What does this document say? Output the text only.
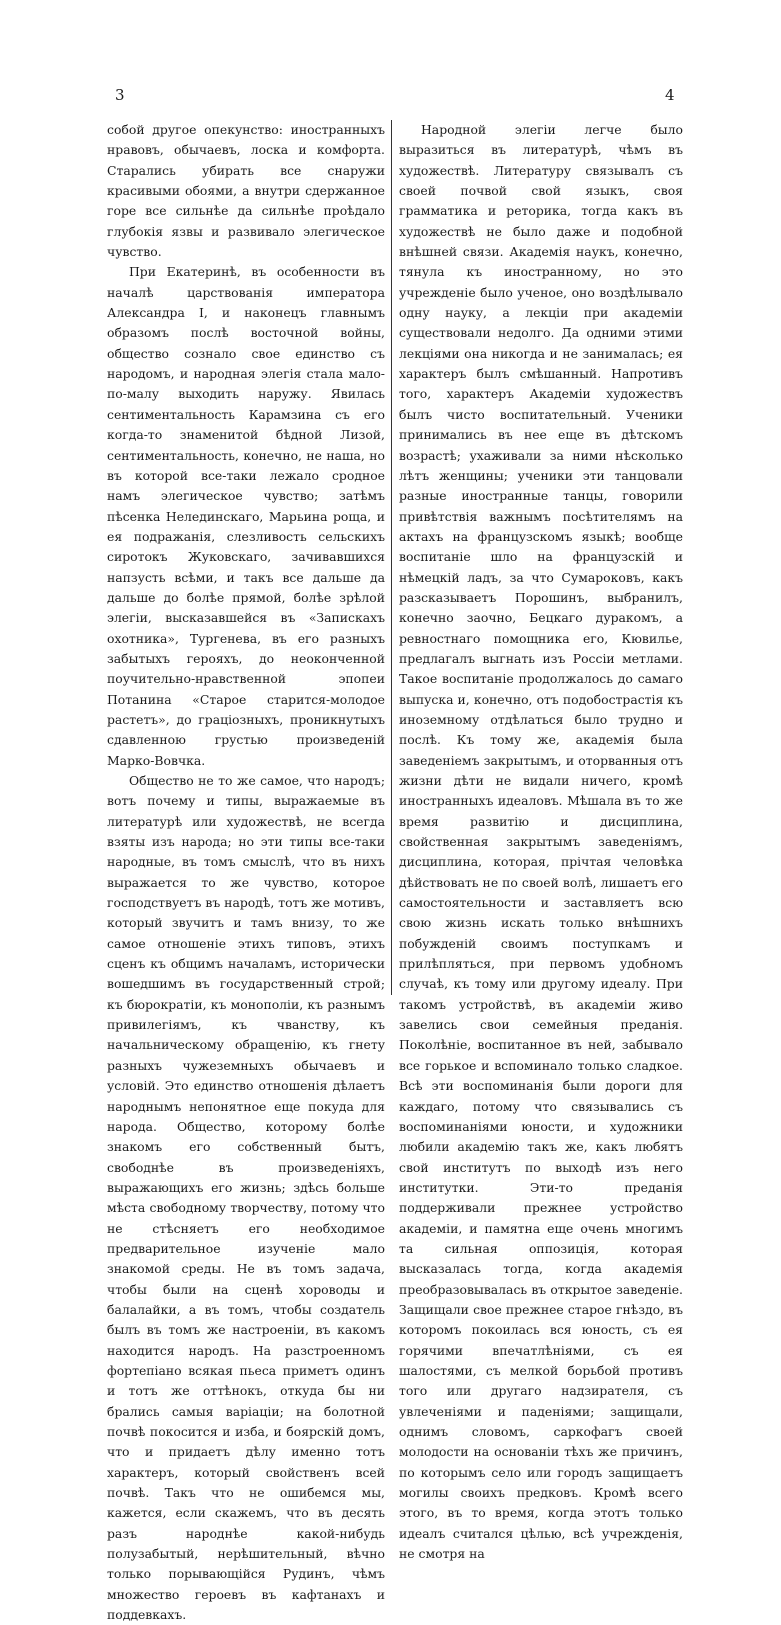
3	4

собой другое опекунство: иностранныхъ нравовъ, обычаевъ, лоска и комфорта. Старались убирать все снаружи красивыми обоями, а внутри сдержанное горе все сильнѣе да сильнѣе проѣдало глубокія язвы и развивало элегическое чувство.

При Екатеринѣ, въ особенности въ началѣ царствованія императора Александра I, и наконецъ главнымъ образомъ послѣ восточной войны, общество сознало свое единство съ народомъ, и народная элегія стала мало-по-малу выходить наружу. Явилась сентиментальность Карамзина съ его когда-то знаменитой бѣдной Лизой, сентиментальность, конечно, не наша, но въ которой все-таки лежало сродное намъ элегическое чувство; затѣмъ пѣсенка Нелединскаго, Марьина роща, и ея подражанія, слезливость сельскихъ сиротокъ Жуковскаго, зачивавшихся напзусть всѣми, и такъ все дальше да дальше до болѣе прямой, болѣе зрѣлой элегіи, высказавшейся въ «Запискахъ охотника», Тургенева, въ его разныхъ забытыхъ герояхъ, до неоконченной поучительно-нравственной эпопеи Потанина «Старое старится-молодое растетъ», до граціозныхъ, проникнутыхъ сдавленною грустью произведеній Марко-Вовчка.

Общество не то же самое, что народъ; вотъ почему и типы, выражаемые въ литературѣ или художествѣ, не всегда взяты изъ народа; но эти типы все-таки народные, въ томъ смыслѣ, что въ нихъ выражается то же чувство, которое господствуетъ въ народѣ, тотъ же мотивъ, который звучитъ и тамъ внизу, то же самое отношеніе этихъ типовъ, этихъ сценъ къ общимъ началамъ, исторически вошедшимъ въ государственный строй; къ бюрократіи, къ монополіи, къ разнымъ привилегіямъ, къ чванству, къ начальническому обращенію, къ гнету разныхъ чужеземныхъ обычаевъ и условій. Это единство отношенія дѣлаетъ народнымъ непонятное еще покуда для народа. Общество, которому болѣе знакомъ его собственный бытъ, свободнѣе въ произведеніяхъ, выражающихъ его жизнь; здѣсь больше мѣста свободному творчеству, потому что не стѣсняетъ его необходимое предварительное изученіе мало знакомой среды. Не въ томъ задача, чтобы были на сценѣ хороводы и балалайки, а въ томъ, чтобы создатель былъ въ томъ же настроеніи, въ какомъ находится народъ. На разстроенномъ фортепіано всякая пьеса приметъ одинъ и тотъ же оттѣнокъ, откуда бы ни брались самыя варіаціи; на болотной почвѣ покосится и изба, и боярскій домъ, что и придаетъ дѣлу именно тотъ характеръ, который свойственъ всей почвѣ. Такъ что не ошибемся мы, кажется, если скажемъ, что въ десять разъ народнѣе какой-нибудь полузабытый, нерѣшительный, вѣчно только порывающійся Рудинъ, чѣмъ множество героевъ въ кафтанахъ и поддевкахъ.

Народной элегіи легче было выразиться въ литературѣ, чѣмъ въ художествѣ. Литературу связывалъ съ своей почвой свой языкъ, своя грамматика и реторика, тогда какъ въ художествѣ не было даже и подобной внѣшней связи. Академія наукъ, конечно, тянула къ иностранному, но это учрежденіе было ученое, оно воздѣлывало одну науку, а лекціи при академіи существовали недолго. Да одними этими лекціями она никогда и не занималась; ея характеръ былъ смѣшанный. Напротивъ того, характеръ Академіи художествъ былъ чисто воспитательный. Ученики принимались въ нее еще въ дѣтскомъ возрастѣ; ухаживали за ними нѣсколько лѣтъ женщины; ученики эти танцовали разные иностранные танцы, говорили привѣтствія важнымъ посѣтителямъ на актахъ на французскомъ языкѣ; вообще воспитаніе шло на французскій и нѣмецкій ладъ, за что Сумароковъ, какъ разсказываетъ Порошинъ, выбранилъ, конечно заочно, Бецкаго дуракомъ, а ревностнаго помощника его, Кювилье, предлагалъ выгнать изъ Россіи метлами. Такое воспитаніе продолжалось до самаго выпуска и, конечно, отъ подобострастія къ иноземному отдѣлаться было трудно и послѣ. Къ тому же, академія была заведеніемъ закрытымъ, и оторванныя отъ жизни дѣти не видали ничего, кромѣ иностранныхъ идеаловъ. Мѣшала въ то же время развитію и дисциплина, свойственная закрытымъ заведеніямъ, дисциплина, которая, прічтая человѣка дѣйствовать не по своей волѣ, лишаетъ его самостоятельности и заставляетъ всю свою жизнь искать только внѣшнихъ побужденій своимъ поступкамъ и прилѣпляться, при первомъ удобномъ случаѣ, къ тому или другому идеалу. При такомъ устройствѣ, въ академіи живо завелись свои семейныя преданія. Поколѣніе, воспитанное въ ней, забывало все горькое и вспоминало только сладкое. Всѣ эти воспоминанія были дороги для каждаго, потому что связывались съ воспоминаніями юности, и художники любили академію такъ же, какъ любятъ свой институтъ по выходѣ изъ него институтки. Эти-то преданія поддерживали прежнее устройство академіи, и памятна еще очень многимъ та сильная оппозиція, которая высказалась тогда, когда академія преобразовывалась въ открытое заведеніе. Защищали свое прежнее старое гнѣздо, въ которомъ покоилась вся юность, съ ея горячими впечатлѣніями, съ ея шалостями, съ мелкой борьбой противъ того или другаго надзирателя, съ увлеченіями и паденіями; защищали, однимъ словомъ, саркофагъ своей молодости на основаніи тѣхъ же причинъ, по которымъ село или городъ защищаетъ могилы своихъ предковъ. Кромѣ всего этого, въ то время, когда этотъ только идеалъ считался цѣлью, всѣ учрежденія, не смотря на
